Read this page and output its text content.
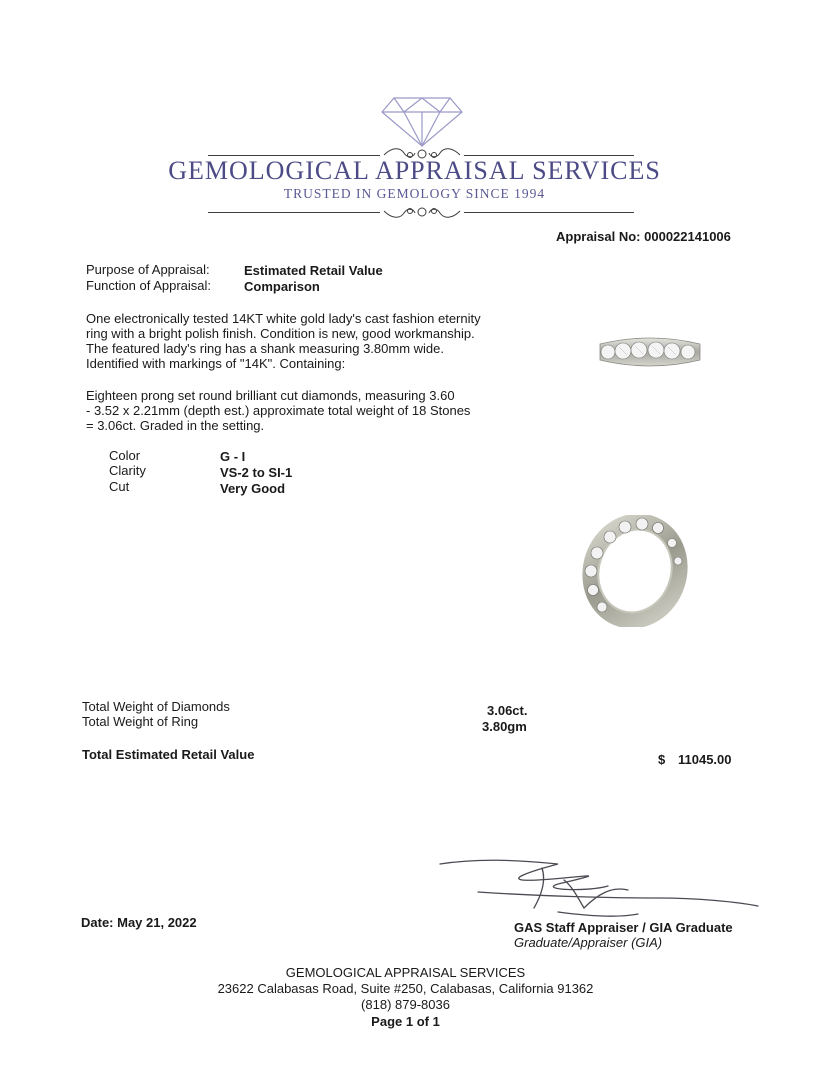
GEMOLOGICAL APPRAISAL SERVICES
TRUSTED IN GEMOLOGY SINCE 1994
Appraisal No: 000022141006
Purpose of Appraisal:	Estimated Retail Value
Function of Appraisal:	Comparison
One electronically tested 14KT white gold lady's cast fashion eternity
ring with a bright polish finish. Condition is new, good workmanship.
The featured lady's ring has a shank measuring 3.80mm wide.
Identified with markings of "14K". Containing:
Eighteen prong set round brilliant cut diamonds, measuring 3.60
- 3.52 x 2.21mm (depth est.) approximate total weight of 18 Stones
= 3.06ct. Graded in the setting.
Color	G - I
Clarity	VS-2 to SI-1
Cut	Very Good
Total Weight of Diamonds	3.06ct.
Total Weight of Ring	3.80gm
Total Estimated Retail Value	$ 11045.00
Date: May 21, 2022	GAS Staff Appraiser / GIA Graduate
Graduate/Appraiser (GIA)
GEMOLOGICAL APPRAISAL SERVICES
23622 Calabasas Road, Suite #250, Calabasas, California 91362
(818) 879-8036
Page 1 of 1
